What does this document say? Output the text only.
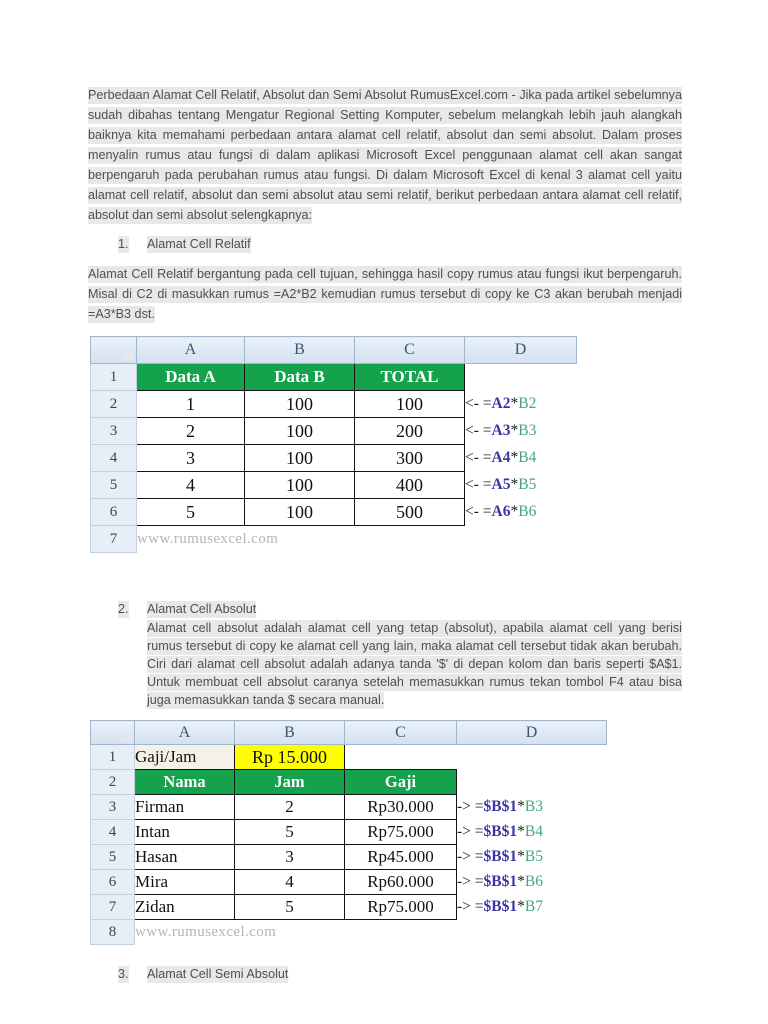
Perbedaan Alamat Cell Relatif, Absolut dan Semi Absolut RumusExcel.com - Jika pada artikel sebelumnya sudah dibahas tentang Mengatur Regional Setting Komputer, sebelum melangkah lebih jauh alangkah baiknya kita memahami perbedaan antara alamat cell relatif, absolut dan semi absolut. Dalam proses menyalin rumus atau fungsi di dalam aplikasi Microsoft Excel penggunaan alamat cell akan sangat berpengaruh pada perubahan rumus atau fungsi. Di dalam Microsoft Excel di kenal 3 alamat cell yaitu alamat cell relatif, absolut dan semi absolut atau semi relatif, berikut perbedaan antara alamat cell relatif, absolut dan semi absolut selengkapnya:

1.	Alamat Cell Relatif

Alamat Cell Relatif bergantung pada cell tujuan, sehingga hasil copy rumus atau fungsi ikut berpengaruh. Misal di C2 di masukkan rumus =A2*B2 kemudian rumus tersebut di copy ke C3 akan berubah menjadi =A3*B3 dst.

	A	B	C	D
1	Data A	Data B	TOTAL	
2	1	100	100	<- =A2*B2
3	2	100	200	<- =A3*B3
4	3	100	300	<- =A4*B4
5	4	100	400	<- =A5*B5
6	5	100	500	<- =A6*B6
7	www.rumusexcel.com			
2.	Alamat Cell Absolut

Alamat cell absolut adalah alamat cell yang tetap (absolut), apabila alamat cell yang berisi rumus tersebut di copy ke alamat cell yang lain, maka alamat cell tersebut tidak akan berubah. Ciri dari alamat cell absolut adalah adanya tanda '$' di depan kolom dan baris seperti $A$1. Untuk membuat cell absolut caranya setelah memasukkan rumus tekan tombol F4 atau bisa juga memasukkan tanda $ secara manual.

	A	B	C	D
1	Gaji/Jam	Rp 15.000		
2	Nama	Jam	Gaji	
3	Firman	2	Rp30.000	-> =$B$1*B3
4	Intan	5	Rp75.000	-> =$B$1*B4
5	Hasan	3	Rp45.000	-> =$B$1*B5
6	Mira	4	Rp60.000	-> =$B$1*B6
7	Zidan	5	Rp75.000	-> =$B$1*B7
8	www.rumusexcel.com			
3.	Alamat Cell Semi Absolut
